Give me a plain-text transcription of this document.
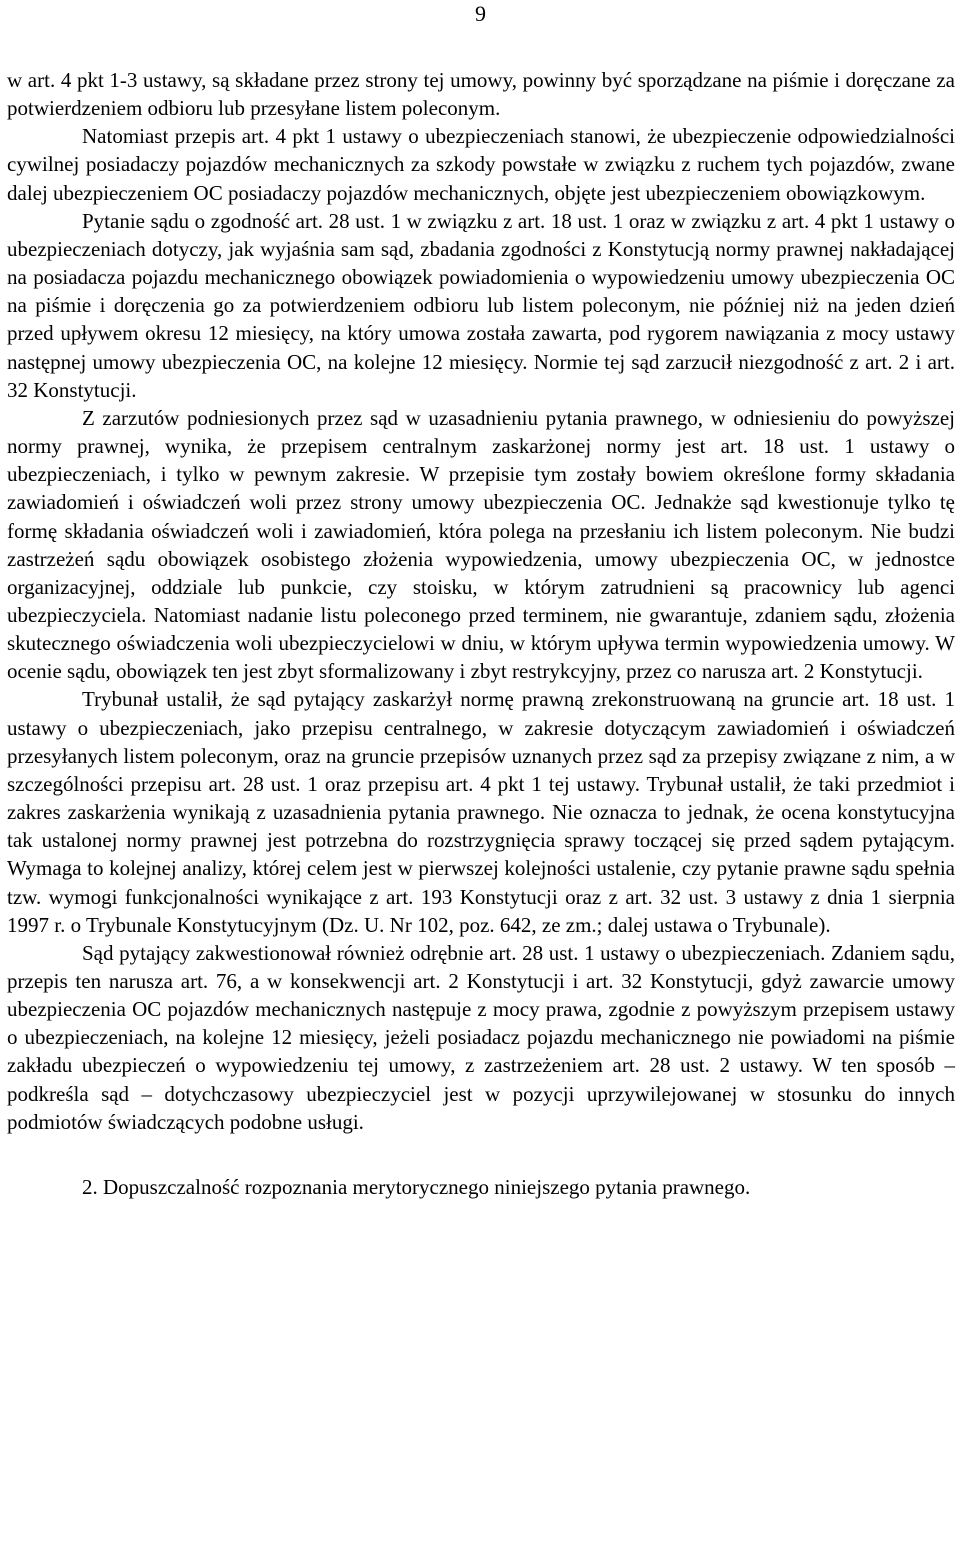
9

w art. 4 pkt 1-3 ustawy, są składane przez strony tej umowy, powinny być sporządzane na piśmie i doręczane za potwierdzeniem odbioru lub przesyłane listem poleconym.

Natomiast przepis art. 4 pkt 1 ustawy o ubezpieczeniach stanowi, że ubezpieczenie odpowiedzialności cywilnej posiadaczy pojazdów mechanicznych za szkody powstałe w związku z ruchem tych pojazdów, zwane dalej ubezpieczeniem OC posiadaczy pojazdów mechanicznych, objęte jest ubezpieczeniem obowiązkowym.

Pytanie sądu o zgodność art. 28 ust. 1 w związku z art. 18 ust. 1 oraz w związku z art. 4 pkt 1 ustawy o ubezpieczeniach dotyczy, jak wyjaśnia sam sąd, zbadania zgodności z Konstytucją normy prawnej nakładającej na posiadacza pojazdu mechanicznego obowiązek powiadomienia o wypowiedzeniu umowy ubezpieczenia OC na piśmie i doręczenia go za potwierdzeniem odbioru lub listem poleconym, nie później niż na jeden dzień przed upływem okresu 12 miesięcy, na który umowa została zawarta, pod rygorem nawiązania z mocy ustawy następnej umowy ubezpieczenia OC, na kolejne 12 miesięcy. Normie tej sąd zarzucił niezgodność z art. 2 i art. 32 Konstytucji.

Z zarzutów podniesionych przez sąd w uzasadnieniu pytania prawnego, w odniesieniu do powyższej normy prawnej, wynika, że przepisem centralnym zaskarżonej normy jest art. 18 ust. 1 ustawy o ubezpieczeniach, i tylko w pewnym zakresie. W przepisie tym zostały bowiem określone formy składania zawiadomień i oświadczeń woli przez strony umowy ubezpieczenia OC. Jednakże sąd kwestionuje tylko tę formę składania oświadczeń woli i zawiadomień, która polega na przesłaniu ich listem poleconym. Nie budzi zastrzeżeń sądu obowiązek osobistego złożenia wypowiedzenia, umowy ubezpieczenia OC, w jednostce organizacyjnej, oddziale lub punkcie, czy stoisku, w którym zatrudnieni są pracownicy lub agenci ubezpieczyciela. Natomiast nadanie listu poleconego przed terminem, nie gwarantuje, zdaniem sądu, złożenia skutecznego oświadczenia woli ubezpieczycielowi w dniu, w którym upływa termin wypowiedzenia umowy. W ocenie sądu, obowiązek ten jest zbyt sformalizowany i zbyt restrykcyjny, przez co narusza art. 2 Konstytucji.

Trybunał ustalił, że sąd pytający zaskarżył normę prawną zrekonstruowaną na gruncie art. 18 ust. 1 ustawy o ubezpieczeniach, jako przepisu centralnego, w zakresie dotyczącym zawiadomień i oświadczeń przesyłanych listem poleconym, oraz na gruncie przepisów uznanych przez sąd za przepisy związane z nim, a w szczególności przepisu art. 28 ust. 1 oraz przepisu art. 4 pkt 1 tej ustawy. Trybunał ustalił, że taki przedmiot i zakres zaskarżenia wynikają z uzasadnienia pytania prawnego. Nie oznacza to jednak, że ocena konstytucyjna tak ustalonej normy prawnej jest potrzebna do rozstrzygnięcia sprawy toczącej się przed sądem pytającym. Wymaga to kolejnej analizy, której celem jest w pierwszej kolejności ustalenie, czy pytanie prawne sądu spełnia tzw. wymogi funkcjonalności wynikające z art. 193 Konstytucji oraz z art. 32 ust. 3 ustawy z dnia 1 sierpnia 1997 r. o Trybunale Konstytucyjnym (Dz. U. Nr 102, poz. 642, ze zm.; dalej ustawa o Trybunale).

Sąd pytający zakwestionował również odrębnie art. 28 ust. 1 ustawy o ubezpieczeniach. Zdaniem sądu, przepis ten narusza art. 76, a w konsekwencji art. 2 Konstytucji i art. 32 Konstytucji, gdyż zawarcie umowy ubezpieczenia OC pojazdów mechanicznych następuje z mocy prawa, zgodnie z powyższym przepisem ustawy o ubezpieczeniach, na kolejne 12 miesięcy, jeżeli posiadacz pojazdu mechanicznego nie powiadomi na piśmie zakładu ubezpieczeń o wypowiedzeniu tej umowy, z zastrzeżeniem art. 28 ust. 2 ustawy. W ten sposób – podkreśla sąd – dotychczasowy ubezpieczyciel jest w pozycji uprzywilejowanej w stosunku do innych podmiotów świadczących podobne usługi.

2. Dopuszczalność rozpoznania merytorycznego niniejszego pytania prawnego.
